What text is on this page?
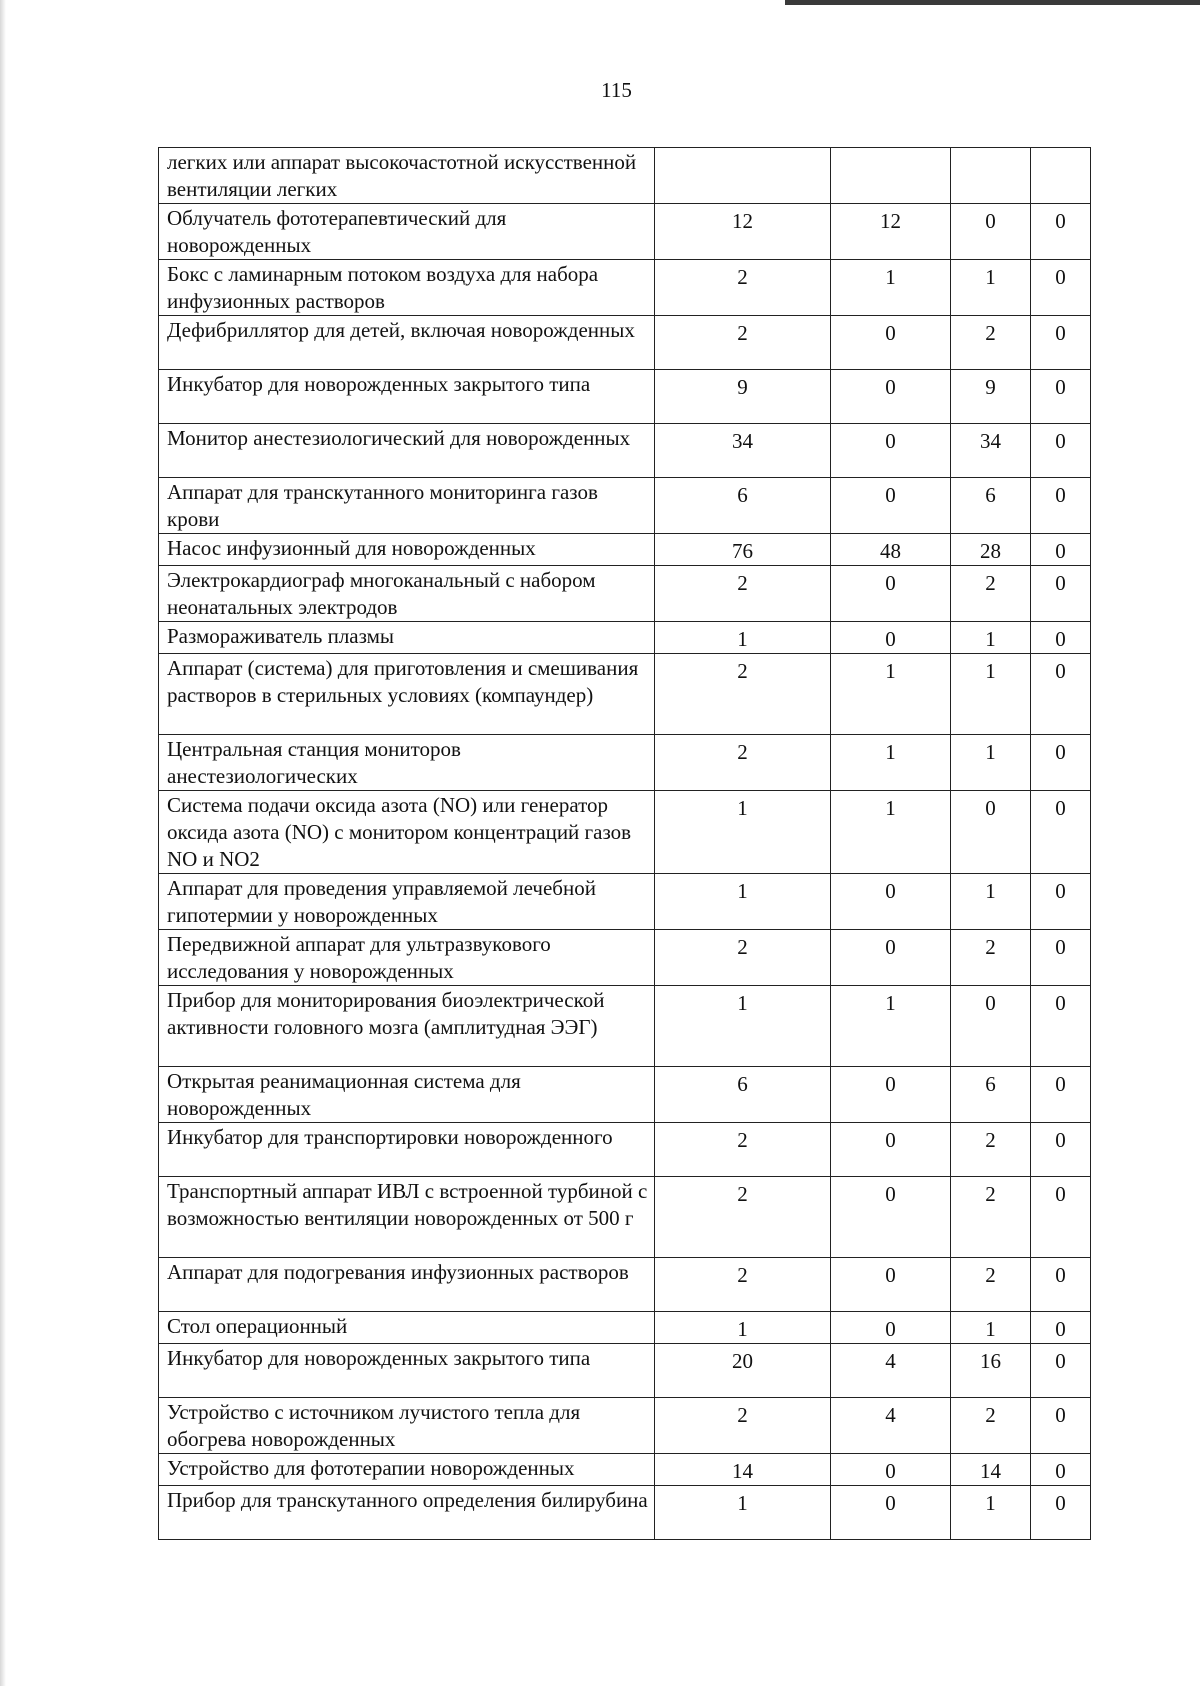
115
легких или аппарат высокочастотной искусственной вентиляции легких				
Облучатель фототерапевтический для новорожденных	12	12	0	0
Бокс с ламинарным потоком воздуха для набора инфузионных растворов	2	1	1	0
Дефибриллятор для детей, включая новорожденных	2	0	2	0
Инкубатор для новорожденных закрытого типа	9	0	9	0
Монитор анестезиологический для новорожденных	34	0	34	0
Аппарат для транскутанного мониторинга газов крови	6	0	6	0
Насос инфузионный для новорожденных	76	48	28	0
Электрокардиограф многоканальный с набором неонатальных электродов	2	0	2	0
Размораживатель плазмы	1	0	1	0
Аппарат (система) для приготовления и смешивания растворов в стерильных условиях (компаундер)	2	1	1	0
Центральная станция мониторов анестезиологических	2	1	1	0
Система подачи оксида азота (NO) или генератор оксида азота (NO) с монитором концентраций газов NO и NO2	1	1	0	0
Аппарат для проведения управляемой лечебной гипотермии у новорожденных	1	0	1	0
Передвижной аппарат для ультразвукового исследования у новорожденных	2	0	2	0
Прибор для мониторирования биоэлектрической активности головного мозга (амплитудная ЭЭГ)	1	1	0	0
Открытая реанимационная система для новорожденных	6	0	6	0
Инкубатор для транспортировки новорожденного	2	0	2	0
Транспортный аппарат ИВЛ с встроенной турбиной с возможностью вентиляции новорожденных от 500 г	2	0	2	0
Аппарат для подогревания инфузионных растворов	2	0	2	0
Стол операционный	1	0	1	0
Инкубатор для новорожденных закрытого типа	20	4	16	0
Устройство с источником лучистого тепла для обогрева новорожденных	2	4	2	0
Устройство для фототерапии новорожденных	14	0	14	0
Прибор для транскутанного определения билирубина	1	0	1	0
